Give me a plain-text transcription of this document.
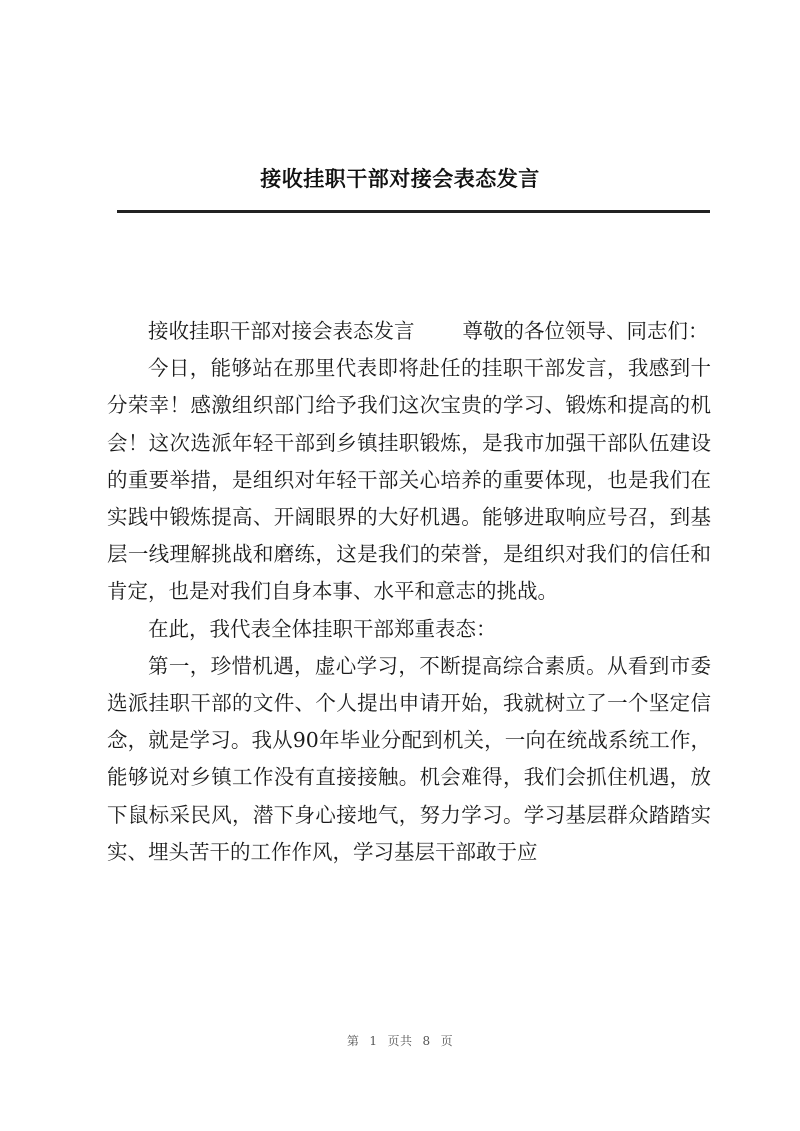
接收挂职干部对接会表态发言

接收挂职干部对接会表态发言 尊敬的各位领导、同志们：

今日，能够站在那里代表即将赴任的挂职干部发言，我感到十分荣幸！感激组织部门给予我们这次宝贵的学习、锻炼和提高的机会！这次选派年轻干部到乡镇挂职锻炼，是我市加强干部队伍建设的重要举措，是组织对年轻干部关心培养的重要体现，也是我们在实践中锻炼提高、开阔眼界的大好机遇。能够进取响应号召，到基层一线理解挑战和磨练，这是我们的荣誉，是组织对我们的信任和肯定，也是对我们自身本事、水平和意志的挑战。

在此，我代表全体挂职干部郑重表态：

第一，珍惜机遇，虚心学习，不断提高综合素质。从看到市委选派挂职干部的文件、个人提出申请开始，我就树立了一个坚定信念，就是学习。我从90年毕业分配到机关，一向在统战系统工作，能够说对乡镇工作没有直接接触。机会难得，我们会抓住机遇，放下鼠标采民风，潜下身心接地气，努力学习。学习基层群众踏踏实实、埋头苦干的工作作风，学习基层干部敢于应

第 1 页共 8 页
